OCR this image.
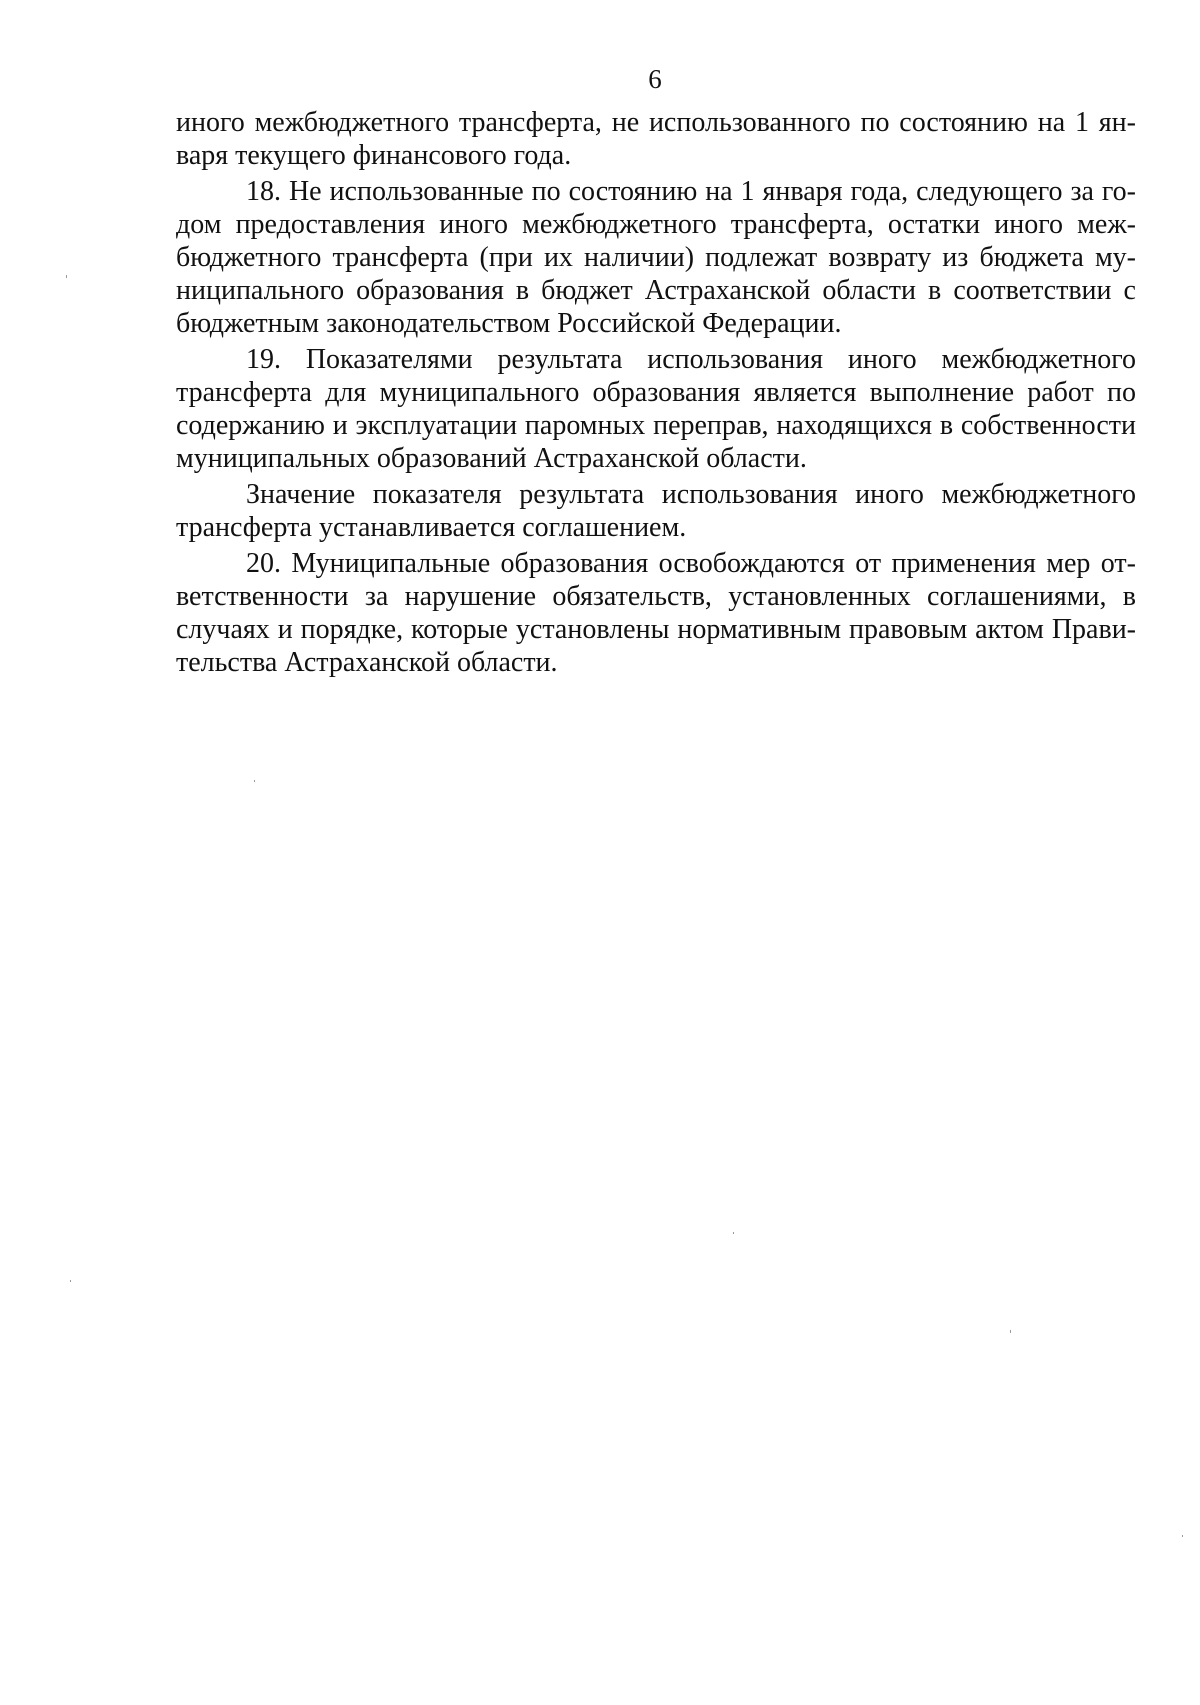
6
иного межбюджетного трансферта, не использованного по состоянию на 1 ян-
варя текущего финансового года.
18. Не использованные по состоянию на 1 января года, следующего за го-
дом предоставления иного межбюджетного трансферта, остатки иного меж-
бюджетного трансферта (при их наличии) подлежат возврату из бюджета му-
ниципального образования в бюджет Астраханской области в соответствии с
бюджетным законодательством Российской Федерации.
19. Показателями результата использования иного межбюджетного
трансферта для муниципального образования является выполнение работ по
содержанию и эксплуатации паромных переправ, находящихся в собственности
муниципальных образований Астраханской области.
Значение показателя результата использования иного межбюджетного
трансферта устанавливается соглашением.
20. Муниципальные образования освобождаются от применения мер от-
ветственности за нарушение обязательств, установленных соглашениями, в
случаях и порядке, которые установлены нормативным правовым актом Прави-
тельства Астраханской области.
